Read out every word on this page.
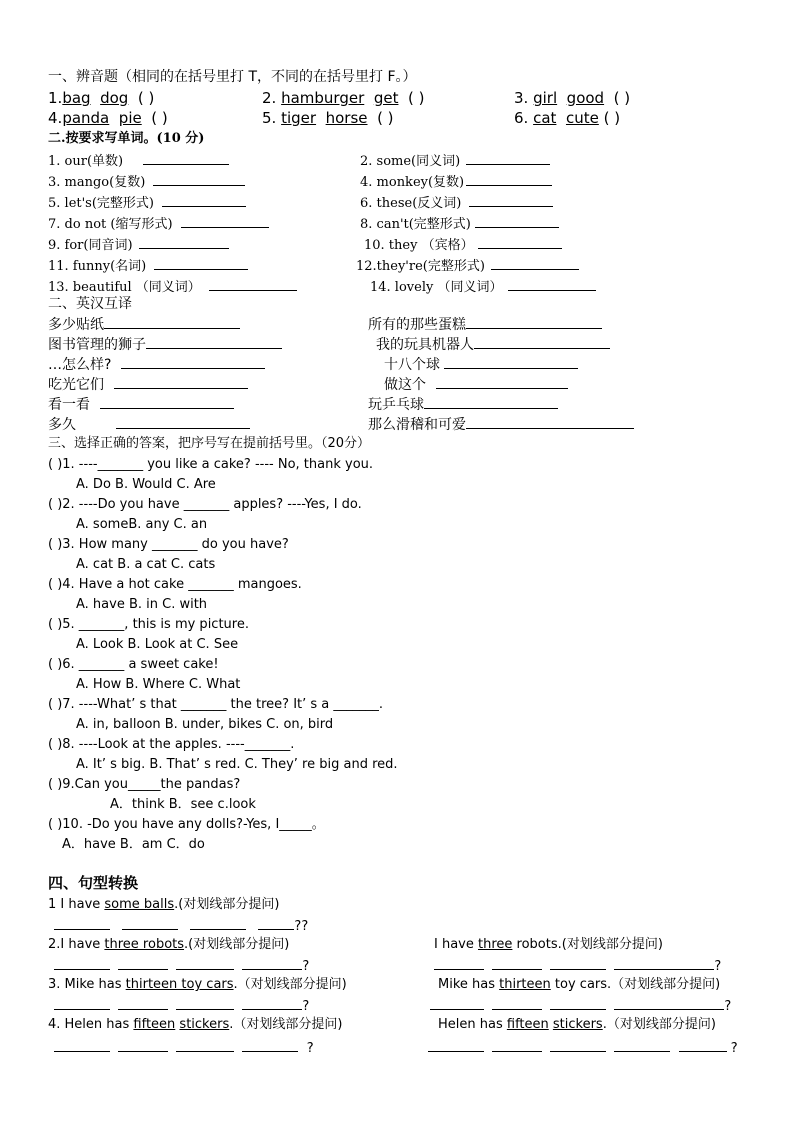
一、辨音题（相同的在括号里打 T，不同的在括号里打 F。）
1.bag dog ( )	2. hamburger get ( )	3. girl good ( )
4.panda pie ( )	5. tiger horse ( )	6. cat cute ( )
二.按要求写单词。(10 分)
1. our(单数)	2. some(同义词)
3. mango(复数)	4. monkey(复数)
5. let's(完整形式)	6. these(反义词)
7. do not (缩写形式)	8. can't(完整形式)
9. for(同音词)	10. they （宾格）
11. funny(名词)	12.they're(完整形式)
13. beautiful （同义词）	14. lovely （同义词）
二、英汉互译
多少贴纸	所有的那些蛋糕
图书管理的狮子	我的玩具机器人
…怎么样?	十八个球
吃光它们	做这个
看一看	玩乒乓球
多久	那么滑稽和可爱
三、选择正确的答案，把序号写在提前括号里。（20分）
( )1. ----_______ you like a cake? ---- No, thank you.
A. Do B. Would C. Are
( )2. ----Do you have _______ apples? ----Yes, I do.
A. someB. any C. an
( )3. How many _______ do you have?
A. cat B. a cat C. cats
( )4. Have a hot cake _______ mangoes.
A. have B. in C. with
( )5. _______, this is my picture.
A. Look B. Look at C. See
( )6. _______ a sweet cake!
A. How B. Where C. What
( )7. ----What’ s that _______ the tree? It’ s a _______.
A. in, balloon B. under, bikes C. on, bird
( )8. ----Look at the apples. ----_______.
A. It’ s big. B. That’ s red. C. They’ re big and red.
( )9.Can you_____the pandas?
A．think B．see c.look
( )10. -Do you have any dolls?-Yes, I_____。
A．have B．am C．do
四、句型转换
1 I have some balls.(对划线部分提问)
??
2.I have three robots.(对划线部分提问)	I have three robots.(对划线部分提问)
?	?
3. Mike has thirteen toy cars.（对划线部分提问)	Mike has thirteen toy cars.（对划线部分提问)
?	?
4. Helen has fifteen stickers.（对划线部分提问)	Helen has fifteen stickers.（对划线部分提问)
?	?
